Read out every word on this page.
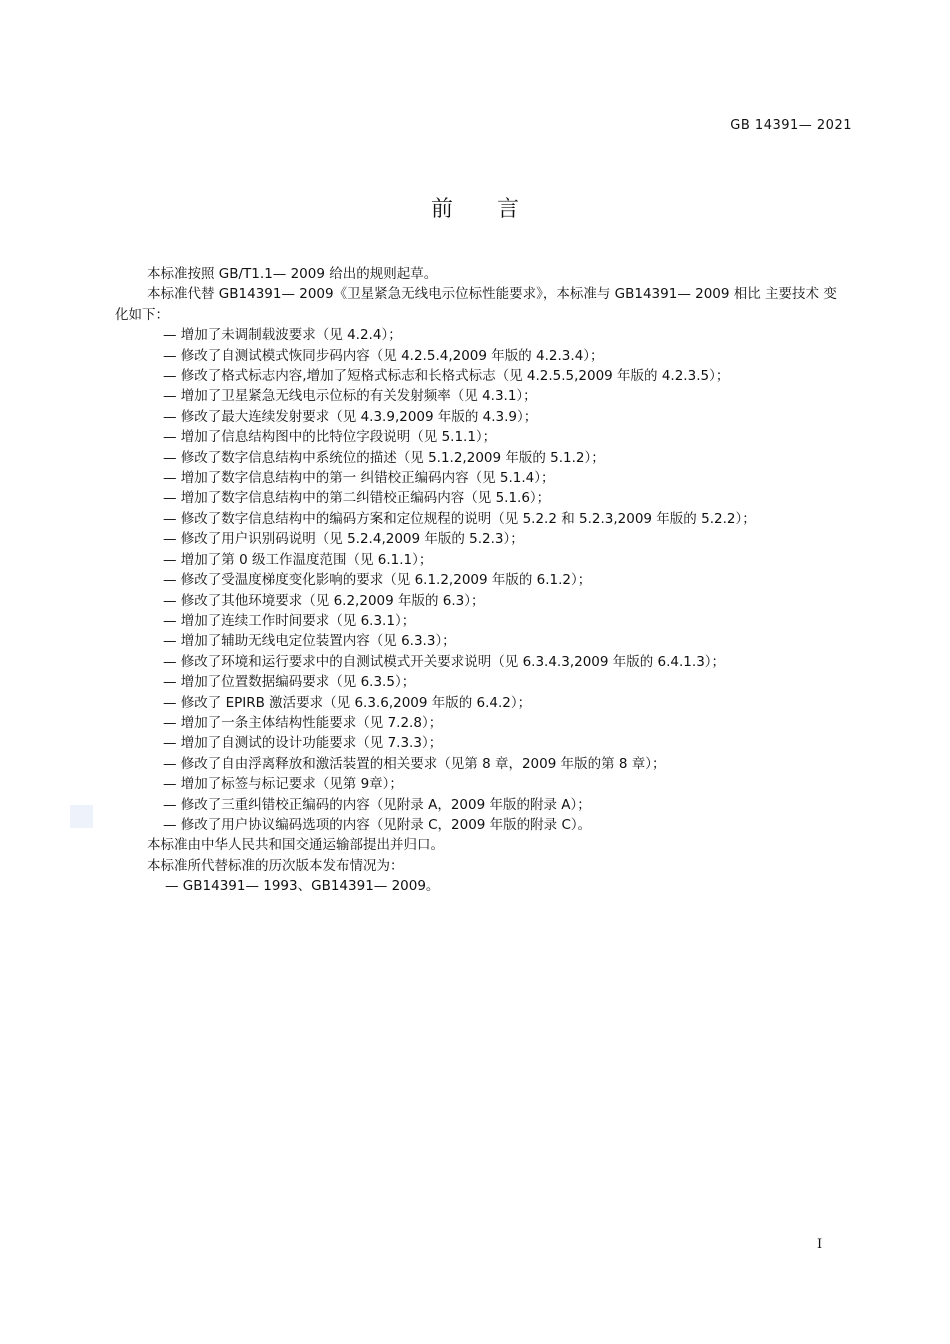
GB 14391— 2021
前言

本标准按照 GB/T1.1— 2009 给出的规则起草。

本标准代替 GB14391— 2009《卫星紧急无线电示位标性能要求》，本标准与 GB14391— 2009 相比 主要技术 变化如下：

— 增加了未调制载波要求（见 4.2.4）；
— 修改了自测试模式恢同步码内容（见 4.2.5.4,2009 年版的 4.2.3.4）；
— 修改了格式标志内容,增加了短格式标志和长格式标志（见 4.2.5.5,2009 年版的 4.2.3.5）；
— 增加了卫星紧急无线电示位标的有关发射频率（见 4.3.1）；
— 修改了最大连续发射要求（见 4.3.9,2009 年版的 4.3.9）；
— 增加了信息结构图中的比特位字段说明（见 5.1.1）；
— 修改了数字信息结构中系统位的描述（见 5.1.2,2009 年版的 5.1.2）；
— 增加了数字信息结构中的第一 纠错校正编码内容（见 5.1.4）；
— 增加了数字信息结构中的第二纠错校正编码内容（见 5.1.6）；
— 修改了数字信息结构中的编码方案和定位规程的说明（见 5.2.2 和 5.2.3,2009 年版的 5.2.2）；
— 修改了用户识别码说明（见 5.2.4,2009 年版的 5.2.3）；
— 增加了第 0 级工作温度范围（见 6.1.1）；
— 修改了受温度梯度变化影响的要求（见 6.1.2,2009 年版的 6.1.2）；
— 修改了其他环境要求（见 6.2,2009 年版的 6.3）；
— 增加了连续工作时间要求（见 6.3.1）；
— 增加了辅助无线电定位装置内容（见 6.3.3）；
— 修改了环境和运行要求中的自测试模式开关要求说明（见 6.3.4.3,2009 年版的 6.4.1.3）；
— 增加了位置数据编码要求（见 6.3.5）；
— 修改了 EPIRB 激活要求（见 6.3.6,2009 年版的 6.4.2）；
— 增加了一条主体结构性能要求（见 7.2.8）；
— 增加了自测试的设计功能要求（见 7.3.3）；
— 修改了自由浮离释放和激活装置的相关要求（见第 8 章，2009 年版的第 8 章）；
— 增加了标签与标记要求（见第 9章）；
— 修改了三重纠错校正编码的内容（见附录 A，2009 年版的附录 A）；
— 修改了用户协议编码选项的内容（见附录 C，2009 年版的附录 C）。

本标准由中华人民共和国交通运输部提出并归口。

本标准所代替标准的历次版本发布情况为：

— GB14391— 1993、GB14391— 2009。
I
